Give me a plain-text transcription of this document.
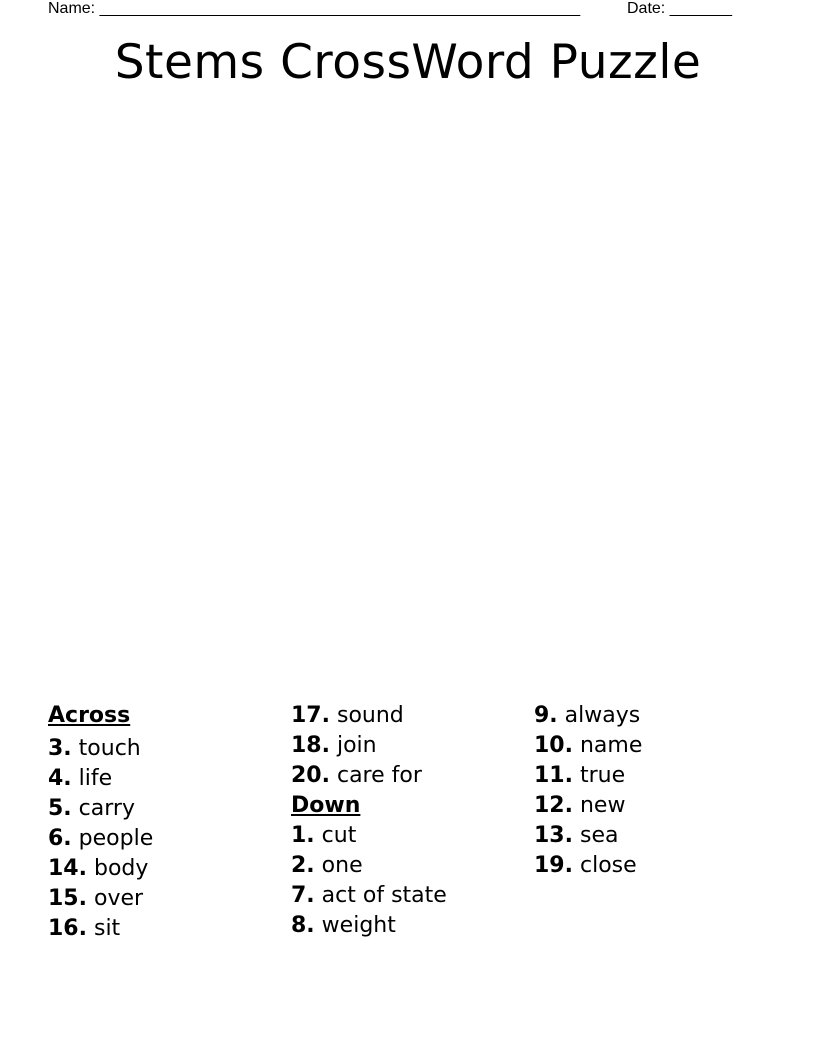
Name: ______________________________________________________	Date: _______
Stems CrossWord Puzzle
Across
3. touch
4. life
5. carry
6. people
14. body
15. over
16. sit
17. sound
18. join
20. care for
Down
1. cut
2. one
7. act of state
8. weight
9. always
10. name
11. true
12. new
13. sea
19. close
